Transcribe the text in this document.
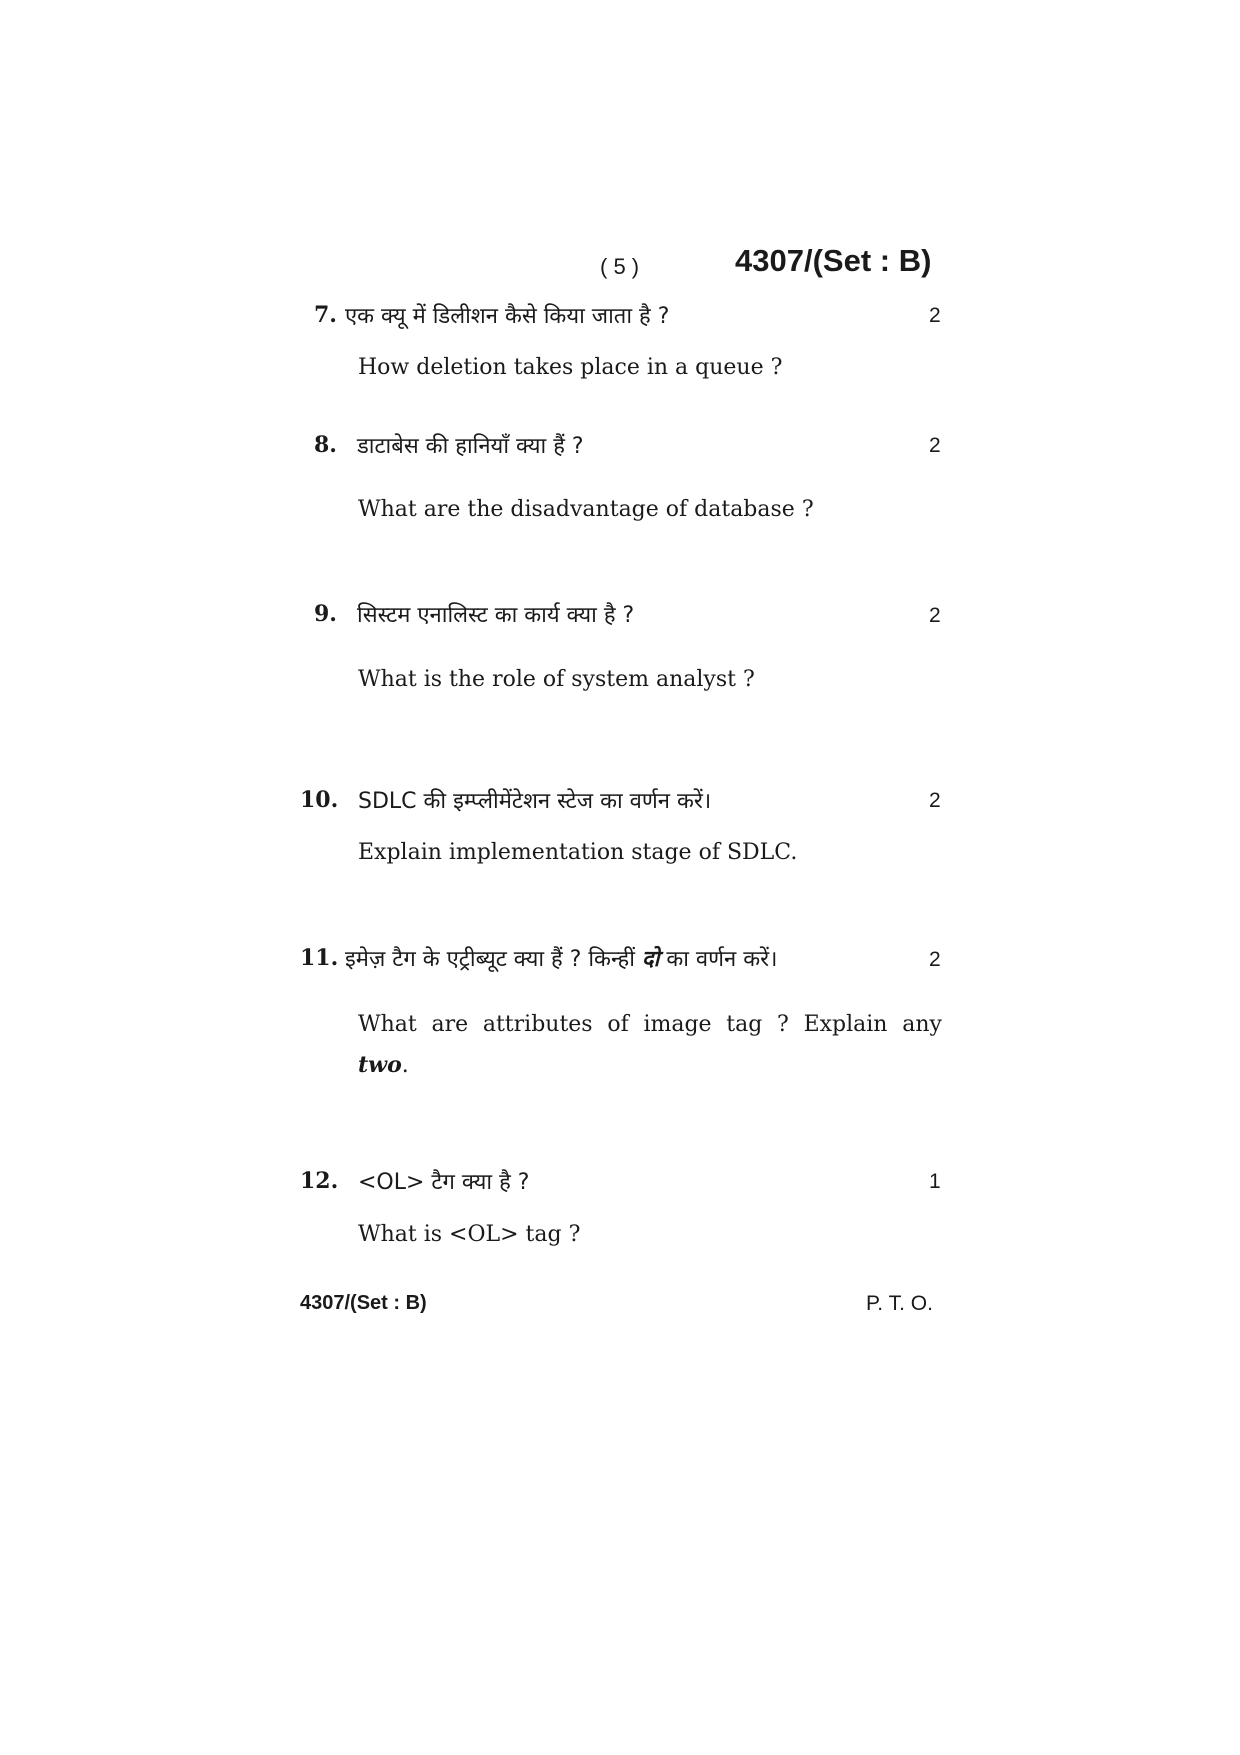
( 5 )	4307/(Set : B)
7. एक क्यू में डिलीशन कैसे किया जाता है ?	2
How deletion takes place in a queue ?
8. डाटाबेस की हानियाँ क्या हैं ?	2
What are the disadvantage of database ?
9. सिस्टम एनालिस्ट का कार्य क्या है ?	2
What is the role of system analyst ?
10. SDLC की इम्प्लीमेंटेशन स्टेज का वर्णन करें।	2
Explain implementation stage of SDLC.
11. इमेज़ टैग के एट्रीब्यूट क्या हैं ? किन्हीं दो का वर्णन करें।	2
What are attributes of image tag ? Explain any
two.
12. <OL> टैग क्या है ?	1
What is <OL> tag ?
4307/(Set : B)	P. T. O.
